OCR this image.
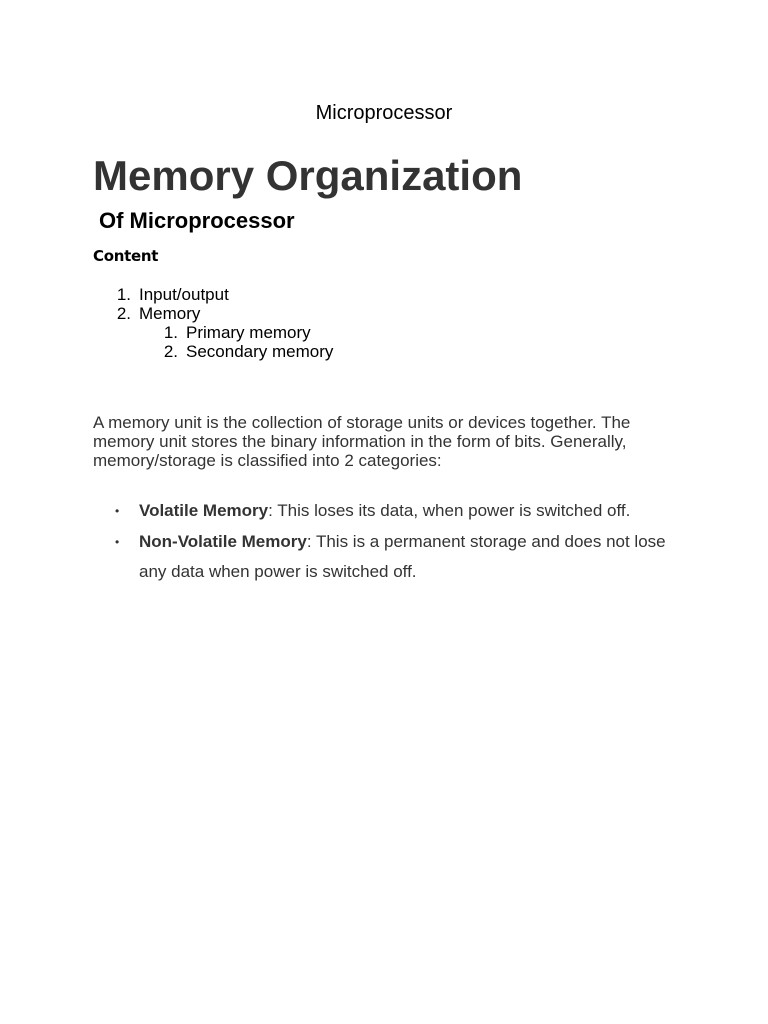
Microprocessor
Memory Organization
Of Microprocessor
Content
1. Input/output
2. Memory
1. Primary memory
2. Secondary memory

A memory unit is the collection of storage units or devices together. The memory unit stores the binary information in the form of bits. Generally, memory/storage is classified into 2 categories:

• Volatile Memory: This loses its data, when power is switched off.
• Non-Volatile Memory: This is a permanent storage and does not lose any data when power is switched off.
